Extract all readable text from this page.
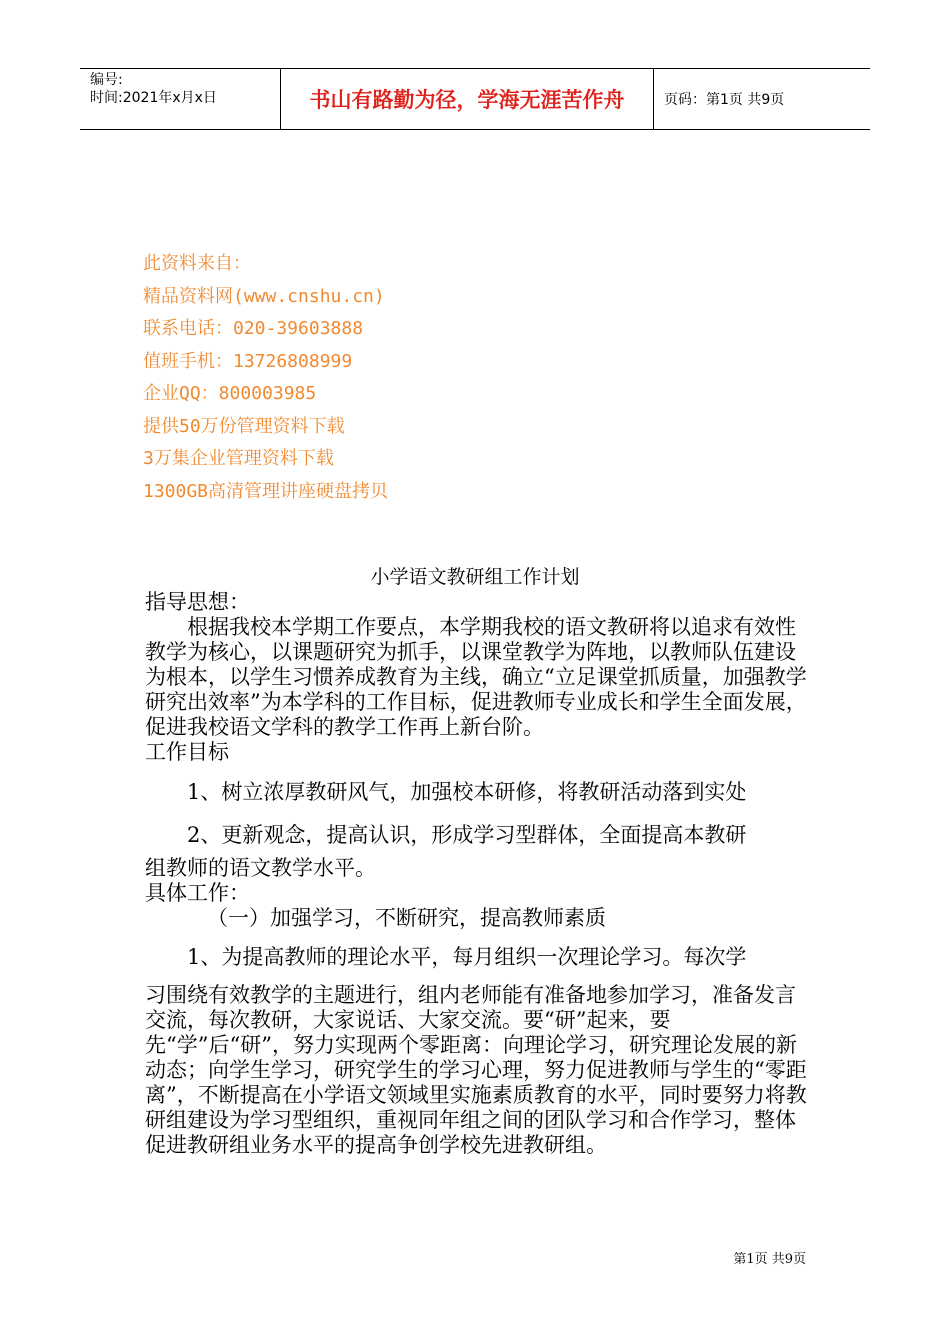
编号:
时间:2021年x月x日	书山有路勤为径，学海无涯苦作舟	页码：第1页 共9页
此资料来自：
精品资料网(www.cnshu.cn)
联系电话：020-39603888
值班手机：13726808999
企业QQ：800003985
提供50万份管理资料下载
3万集企业管理资料下载
1300GB高清管理讲座硬盘拷贝
小学语文教研组工作计划

指导思想：

根据我校本学期工作要点，本学期我校的语文教研将以追求有效性教学为核心，以课题研究为抓手，以课堂教学为阵地，以教师队伍建设为根本，以学生习惯养成教育为主线，确立“立足课堂抓质量，加强教学研究出效率”为本学科的工作目标，促进教师专业成长和学生全面发展，促进我校语文学科的教学工作再上新台阶。

工作目标

1、树立浓厚教研风气，加强校本研修，将教研活动落到实处

2、更新观念，提高认识，形成学习型群体，全面提高本教研

组教师的语文教学水平。

具体工作：

（一）加强学习，不断研究，提高教师素质

1、为提高教师的理论水平，每月组织一次理论学习。每次学

习围绕有效教学的主题进行，组内老师能有准备地参加学习，准备发言交流，每次教研，大家说话、大家交流。要“研”起来，要先“学”后“研”，努力实现两个零距离：向理论学习，研究理论发展的新动态；向学生学习，研究学生的学习心理，努力促进教师与学生的“零距离”，不断提高在小学语文领域里实施素质教育的水平，同时要努力将教研组建设为学习型组织，重视同年组之间的团队学习和合作学习，整体促进教研组业务水平的提高争创学校先进教研组。

第1页 共9页
